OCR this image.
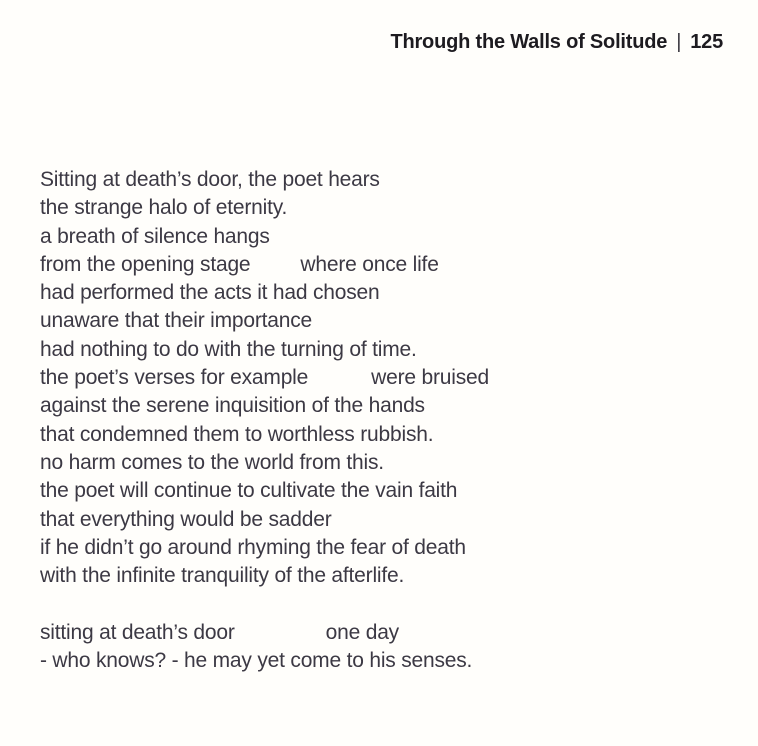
Through the Walls of Solitude | 125
Sitting at death’s door, the poet hears
the strange halo of eternity.
a breath of silence hangs
from the opening stage where once life
had performed the acts it had chosen
unaware that their importance
had nothing to do with the turning of time.
the poet’s verses for example	were bruised
against the serene inquisition of the hands
that condemned them to worthless rubbish.
no harm comes to the world from this.
the poet will continue to cultivate the vain faith
that everything would be sadder
if he didn’t go around rhyming the fear of death
with the infinite tranquility of the afterlife.
sitting at death’s door	one day
- who knows? - he may yet come to his senses.
